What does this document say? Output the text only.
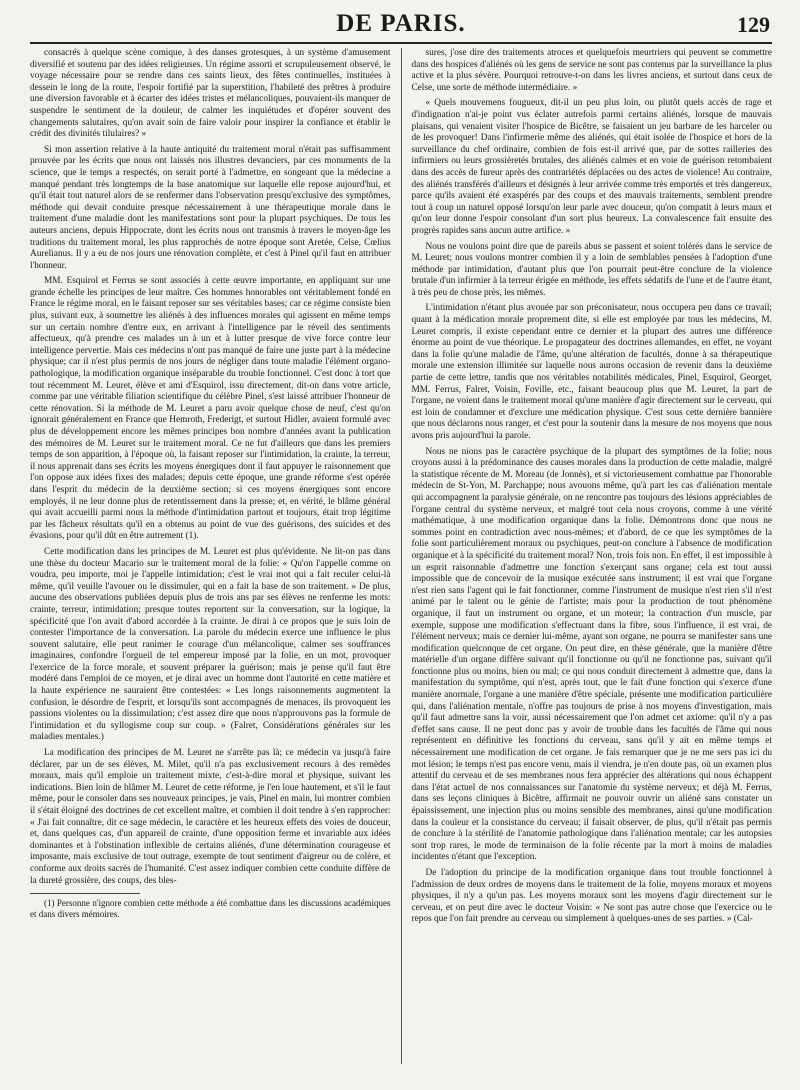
DE PARIS.	129

consacrés à quelque scène comique, à des danses grotesques, à un système d'amusement diversifié et soutenu par des idées religieuses. Un régime assorti et scrupuleusement observé, le voyage nécessaire pour se rendre dans ces saints lieux, des fêtes continuelles, instituées à dessein le long de la route, l'espoir fortifié par la superstition, l'habileté des prêtres à produire une diversion favorable et à écarter des idées tristes et mélancoliques, pouvaient-ils manquer de suspendre le sentiment de la douleur, de calmer les inquiétudes et d'opérer souvent des changements salutaires, qu'on avait soin de faire valoir pour inspirer la confiance et établir le crédit des divinités tilulaires? »

Si mon assertion relative à la haute antiquité du traitement moral n'était pas suffisamment prouvée par les écrits que nous ont laissés nos illustres devanciers, par ces monuments de la science, que le temps a respectés, on serait porté à l'admettre, en songeant que la médecine a manqué pendant très longtemps de la base anatomique sur laquelle elle repose aujourd'hui, et qu'il était tout naturel alors de se renfermer dans l'observation presqu'exclusive des symptômes, méthode qui devait conduire presque nécessairement à une thérapeutique morale dans le traitement d'une maladie dont les manifestations sont pour la plupart psychiques. De tous les auteurs anciens, depuis Hippocrate, dont les écrits nous ont transmis à travers le moyen-âge les traditions du traitement moral, les plus rapprochés de notre époque sont Aretée, Celse, Cœlius Aurelianus. Il y a eu de nos jours une rénovation complète, et c'est à Pinel qu'il faut en attribuer l'honneur.

MM. Esquirol et Ferrus se sont associés à cette œuvre importante, en appliquant sur une grande échelle les principes de leur maître. Ces hommes honorables ont véritablement fondé en France le régime moral, en le faisant reposer sur ses véritables bases; car ce régime consiste bien plus, suivant eux, à soumettre les aliénés à des influences morales qui agissent en même temps sur un certain nombre d'entre eux, en arrivant à l'intelligence par le réveil des sentiments affectueux, qu'à prendre ces malades un à un et à lutter presque de vive force contre leur intelligence pervertie. Mais ces médecins n'ont pas manqué de faire une juste part à la médecine physique; car il n'est plus permis de nos jours de négliger dans toute maladie l'élément organo-pathologique, la modification organique inséparable du trouble fonctionnel. C'est donc à tort que tout récemment M. Leuret, élève et ami d'Esquirol, issu directement, dit-on dans votre article, comme par une véritable filiation scientifique du célèbre Pinel, s'est laissé attribuer l'honneur de cette rénovation. Si la méthode de M. Leuret a paru avoir quelque chose de neuf, c'est qu'on ignorait généralement en France que Hemroth, Frederigt, et surtout Hidler, avaient formulé avec plus de développement encore les mêmes principes bon nombre d'années avant la publication des mémoires de M. Leuret sur le traitement moral. Ce ne fut d'ailleurs que dans les premiers temps de son apparition, à l'époque où, la faisant reposer sur l'intimidation, la crainte, la terreur, il nous apprenait dans ses écrits les moyens énergiques dont il faut appuyer le raisonnement que l'on oppose aux idées fixes des malades; depuis cette époque, une grande réforme s'est opérée dans l'esprit du médecin de la deuxième section; si ces moyens énergiques sont encore employés, il ne leur donne plus de retentissement dans la presse; et, en vérité, le blâme général qui avait accueilli parmi nous la méthode d'intimidation partout et toujours, était trop légitime par les fâcheux résultats qu'il en a obtenus au point de vue des guérisons, des suicides et des évasions, pour qu'il dût en être autrement (1).

Cette modification dans les principes de M. Leuret est plus qu'évidente. Ne lit-on pas dans une thèse du docteur Macario sur le traitement moral de la folie: « Qu'on l'appelle comme on voudra, peu importe, moi je l'appelle intimidation; c'est le vrai mot qui a fait reculer celui-là même, qu'il veuille l'avouer ou le dissimuler, qui en a fait la base de son traitement. » De plus, aucune des observations publiées depuis plus de trois ans par ses élèves ne renferme les mots: crainte, terreur, intimidation; presque toutes reportent sur la conversation, sur la logique, la spécificité que l'on avait d'abord accordée à la crainte. Je dirai à ce propos que je suis loin de contester l'importance de la conversation. La parole du médecin exerce une influence le plus souvent salutaire, elle peut ranimer le courage d'un mélancolique, calmer ses souffrances imaginaires, confondre l'orgueil de tel empereur imposé par la folie, en un mot, provoquer l'exercice de la force morale, et souvent préparer la guérison; mais je pense qu'il faut être modéré dans l'emploi de ce moyen, et je dirai avec un homme dont l'autorité en cette matière et la haute expérience ne sauraient être contestées: « Les longs raisonnements augmentent la confusion, le désordre de l'esprit, et lorsqu'ils sont accompagnés de menaces, ils provoquent les passions violentes ou la dissimulation; c'est assez dire que nous n'approuvons pas la formule de l'intimidation et du syllogisme coup sur coup. » (Falret, Considérations générales sur les maladies mentales.)

La modification des principes de M. Leuret ne s'arrête pas là; ce médecin va jusqu'à faire déclarer, par un de ses élèves, M. Milet, qu'il n'a pas exclusivement recours à des remèdes moraux, mais qu'il emploie un traitement mixte, c'est-à-dire moral et physique, suivant les indications. Bien loin de blâmer M. Leuret de cette réforme, je l'en loue hautement, et s'il le faut même, pour le consoler dans ses nouveaux principes, je vais, Pinel en main, lui montrer combien il s'était éloigné des doctrines de cet excellent maître, et combien il doit tendre à s'en rapprocher: « J'ai fait connaître, dit ce sage médecin, le caractère et les heureux effets des voies de douceur, et, dans quelques cas, d'un appareil de crainte, d'une opposition ferme et invariable aux idées dominantes et à l'obstination inflexible de certains aliénés, d'une détermination courageuse et imposante, mais exclusive de tout outrage, exempte de tout sentiment d'aigreur ou de colère, et conforme aux droits sacrés de l'humanité. C'est assez indiquer combien cette conduite diffère de la dureté grossière, des coups, des bles-

(1) Personne n'ignore combien cette méthode a été combattue dans les discussions académiques et dans divers mémoires.

sures, j'ose dire des traitements atroces et quelquefois meurtriers qui peuvent se commettre dans des hospices d'aliénés où les gens de service ne sont pas contenus par la surveillance la plus active et la plus sévère. Pourquoi retrouve-t-on dans les livres anciens, et surtout dans ceux de Celse, une sorte de méthode intermédiaire. »

« Quels mouvemens fougueux, dit-il un peu plus loin, ou plutôt quels accès de rage et d'indignation n'ai-je point vus éclater autrefois parmi certains aliénés, lorsque de mauvais plaisans, qui venaient visiter l'hospice de Bicêtre, se faisaient un jeu barbare de les harceler ou de les provoquer! Dans l'infirmerie même des aliénés, qui était isolée de l'hospice et hors de la surveillance du chef ordinaire, combien de fois est-il arrivé que, par de sottes railleries des infirmiers ou leurs grossièretés brutales, des aliénés calmes et en voie de guérison retombaient dans des accès de fureur après des contrariétés déplacées ou des actes de violence! Au contraire, des aliénés transférés d'ailleurs et désignés à leur arrivée comme très emportés et très dangereux, parce qu'ils avaient été exaspérés par des coups et des mauvais traitements, semblent prendre tout à coup un naturel opposé lorsqu'on leur parle avec douceur, qu'on compatit à leurs maux et qu'on leur donne l'espoir consolant d'un sort plus heureux. La convalescence fait ensuite des progrès rapides sans aucun autre artifice. »

Nous ne voulons point dire que de pareils abus se passent et soient tolérés dans le service de M. Leuret; nous voulons montrer combien il y a loin de semblables pensées à l'adoption d'une méthode par intimidation, d'autant plus que l'on pourrait peut-être conclure de la violence brutale d'un infirmier à la terreur érigée en méthode, les effets sédatifs de l'une et de l'autre étant, à très peu de chose près, les mêmes.

L'intimidation n'étant plus avouée par son préconisateur, nous occupera peu dans ce travail; quant à la médication morale proprement dite, si elle est employée par tous les médecins, M. Leuret compris, il existe cependant entre ce dernier et la plupart des autres une différence énorme au point de vue théorique. Le propagateur des doctrines allemandes, en effet, ne voyant dans la folie qu'une maladie de l'âme, qu'une altération de facultés, donne à sa thérapeutique morale une extension illimitée sur laquelle nous aurons occasion de revenir dans la deuxième partie de cette lettre, tandis que nos véritables notabilités médicales, Pinel, Esquirol, Georget, MM. Ferrus, Falret, Voisin, Foville, etc., faisant beaucoup plus que M. Leuret, la part de l'organe, ne voient dans le traitement moral qu'une manière d'agir directement sur le cerveau, qui est loin de condamner et d'exclure une médication physique. C'est sous cette dernière bannière que nous déclarons nous ranger, et c'est pour la soutenir dans la mesure de nos moyens que nous avons pris aujourd'hui la parole.

Nous ne nions pas le caractère psychique de la plupart des symptômes de la folie; nous croyons aussi à la prédominance des causes morales dans la production de cette maladie, malgré la statistique récente de M. Moreau (de Jonnès), et si victorieusement combattue par l'honorable médecin de St-Yon, M. Parchappe; nous avouons même, qu'à part les cas d'aliénation mentale qui accompagnent la paralysie générale, on ne rencontre pas toujours des lésions appréciables de l'organe central du système nerveux, et malgré tout cela nous croyons, comme à une vérité mathématique, à une modification organique dans la folie. Démontrons donc que nous ne sommes point en contradiction avec nous-mêmes; et d'abord, de ce que les symptômes de la folie sont particulièrement moraux ou psychiques, peut-on conclure à l'absence de modification organique et à la spécificité du traitement moral? Non, trois fois non. En effet, il est impossible à un esprit raisonnable d'admettre une fonction s'exerçant sans organe; cela est tout aussi impossible que de concevoir de la musique exécutée sans instrument; il est vrai que l'organe n'est rien sans l'agent qui le fait fonctionner, comme l'instrument de musique n'est rien s'il n'est animé par le talent ou le génie de l'artiste; mais pour la production de tout phénomène organique, il faut un instrument ou organe, et un moteur; la contraction d'un muscle, par exemple, suppose une modification s'effectuant dans la fibre, sous l'influence, il est vrai, de l'élément nerveux; mais ce dernier lui-même, ayant son organe, ne pourra se manifester sans une modification quelconque de cet organe. On peut dire, en thèse générale, que la manière d'être matérielle d'un organe diffère suivant qu'il fonctionne ou qu'il ne fonctionne pas, suivant qu'il fonctionne plus ou moins, bien ou mal; ce qui nous conduit directement à admettre que, dans la manifestation du symptôme, qui n'est, après tout, que le fait d'une fonction qui s'exerce d'une manière anormale, l'organe a une manière d'être spéciale, présente une modification particulière qui, dans l'aliénation mentale, n'offre pas toujours de prise à nos moyens d'investigation, mais qu'il faut admettre sans la voir, aussi nécessairement que l'on admet cet axiome: qu'il n'y a pas d'effet sans cause. Il ne peut donc pas y avoir de trouble dans les facultés de l'âme qui nous représentent en définitive les fonctions du cerveau, sans qu'il y ait en même temps et nécessairement une modification de cet organe. Je fais remarquer que je ne me sers pas ici du mot lésion; le temps n'est pas encore venu, mais il viendra, je n'en doute pas, où un examen plus attentif du cerveau et de ses membranes nous fera apprécier des altérations qui nous échappent dans l'état actuel de nos connaissances sur l'anatomie du système nerveux; et déjà M. Ferrus, dans ses leçons cliniques à Bicêtre, affirmait ne pouvoir ouvrir un aliéné sans constater un épaississement, une injection plus ou moins sensible des membranes, ainsi qu'une modification dans la couleur et la consistance du cerveau; il faisait observer, de plus, qu'il n'était pas permis de conclure à la stérilité de l'anatomie pathologique dans l'aliénation mentale; car les autopsies sont trop rares, le mode de terminaison de la folie récente par la mort à moins de maladies incidentes n'étant que l'exception.

De l'adoption du principe de la modification organique dans tout trouble fonctionnel à l'admission de deux ordres de moyens dans le traitement de la folie, moyens moraux et moyens physiques, il n'y a qu'un pas. Les moyens moraux sont les moyens d'agir directement sur le cerveau, et on peut dire avec le docteur Voisin: « Ne sont pas autre chose que l'exercice ou le repos que l'on fait prendre au cerveau ou simplement à quelques-unes de ses parties. » (Cal-
